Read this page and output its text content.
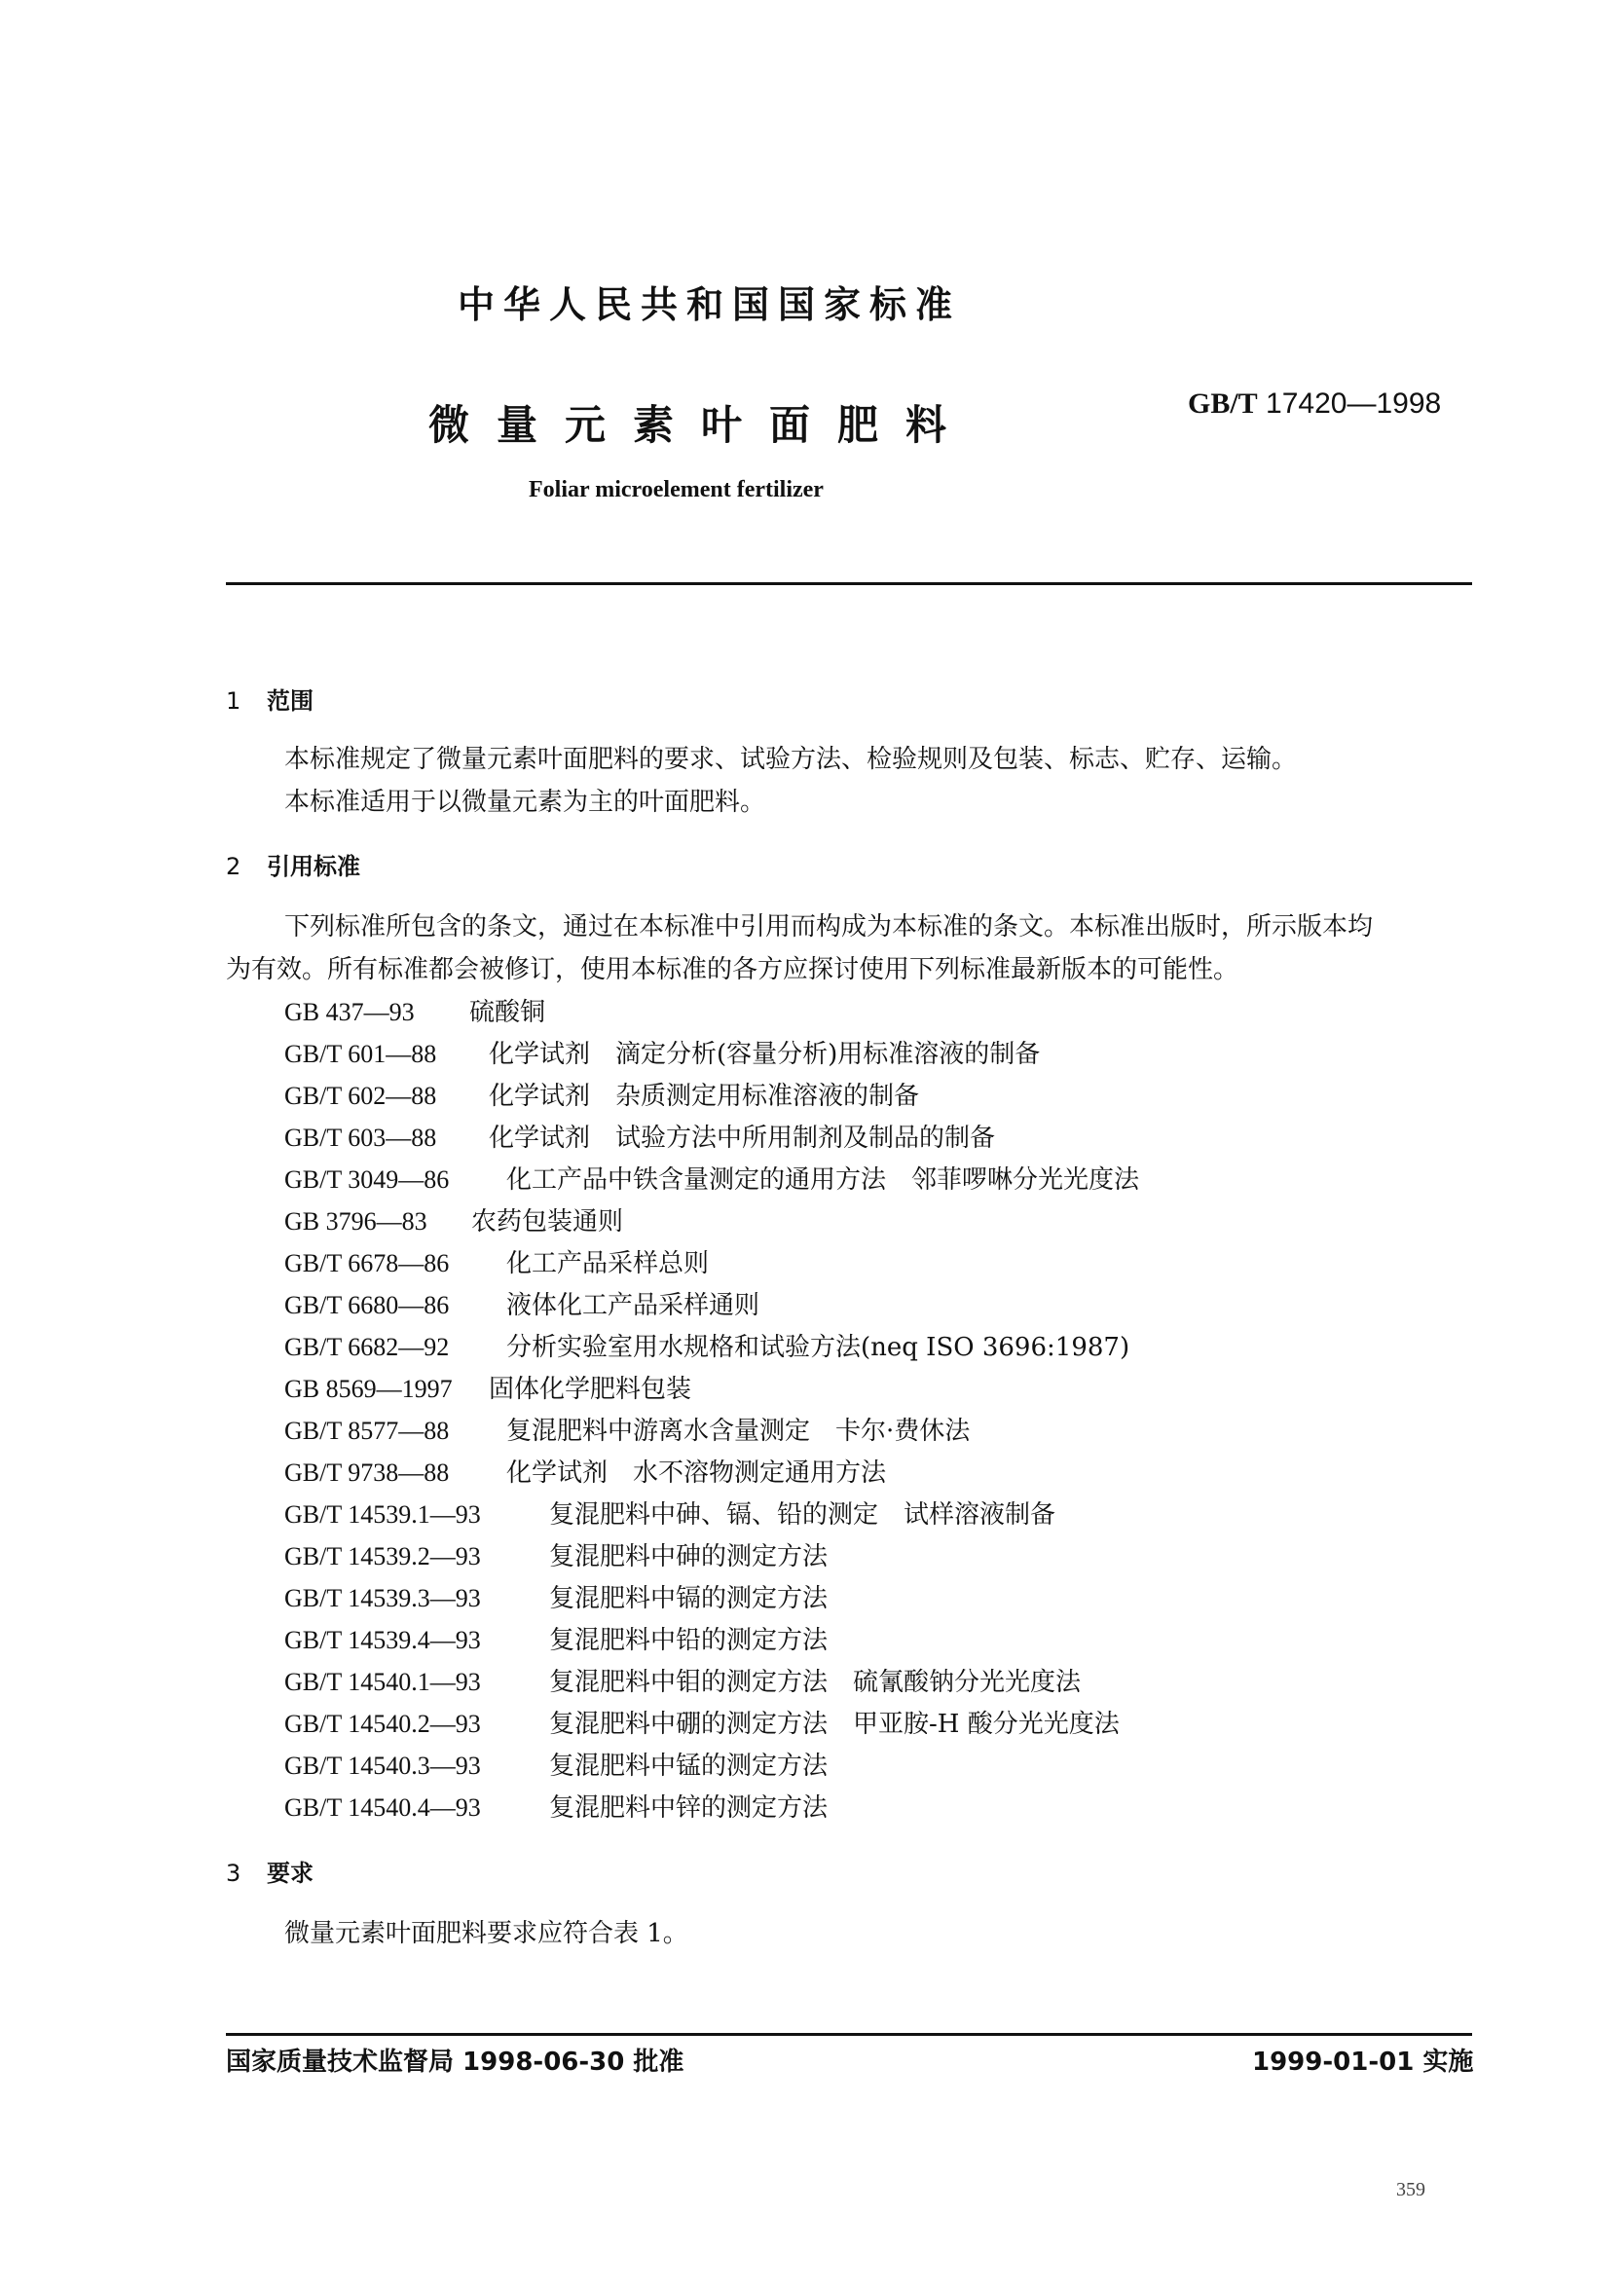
中华人民共和国国家标准
微量元素叶面肥料	GB/T 17420—1998
Foliar microelement fertilizer
1 范围
本标准规定了微量元素叶面肥料的要求、试验方法、检验规则及包装、标志、贮存、运输。
本标准适用于以微量元素为主的叶面肥料。
2 引用标准
下列标准所包含的条文，通过在本标准中引用而构成为本标准的条文。本标准出版时，所示版本均
为有效。所有标准都会被修订，使用本标准的各方应探讨使用下列标准最新版本的可能性。
GB 437—93 硫酸铜
GB/T 601—88 化学试剂　滴定分析(容量分析)用标准溶液的制备
GB/T 602—88 化学试剂　杂质测定用标准溶液的制备
GB/T 603—88 化学试剂　试验方法中所用制剂及制品的制备
GB/T 3049—86 化工产品中铁含量测定的通用方法　邻菲啰啉分光光度法
GB 3796—83 农药包装通则
GB/T 6678—86 化工产品采样总则
GB/T 6680—86 液体化工产品采样通则
GB/T 6682—92 分析实验室用水规格和试验方法(neq ISO 3696:1987)
GB 8569—1997 固体化学肥料包装
GB/T 8577—88 复混肥料中游离水含量测定　卡尔·费休法
GB/T 9738—88 化学试剂　水不溶物测定通用方法
GB/T 14539.1—93	复混肥料中砷、镉、铅的测定　试样溶液制备
GB/T 14539.2—93	复混肥料中砷的测定方法
GB/T 14539.3—93	复混肥料中镉的测定方法
GB/T 14539.4—93	复混肥料中铅的测定方法
GB/T 14540.1—93	复混肥料中钼的测定方法　硫氰酸钠分光光度法
GB/T 14540.2—93	复混肥料中硼的测定方法　甲亚胺-H 酸分光光度法
GB/T 14540.3—93	复混肥料中锰的测定方法
GB/T 14540.4—93	复混肥料中锌的测定方法
3 要求
微量元素叶面肥料要求应符合表 1。
国家质量技术监督局 1998-06-30 批准	1999-01-01 实施
359
